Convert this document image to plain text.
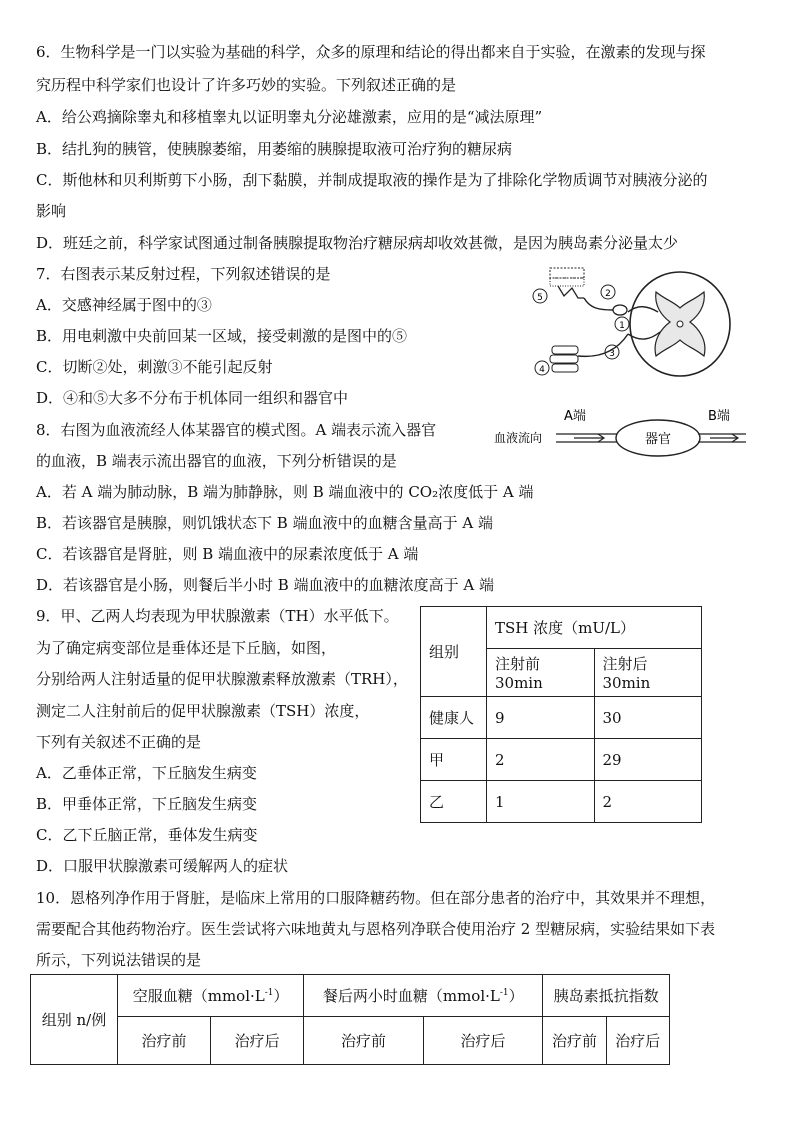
6．生物科学是一门以实验为基础的科学，众多的原理和结论的得出都来自于实验，在激素的发现与探
究历程中科学家们也设计了许多巧妙的实验。下列叙述正确的是
A．给公鸡摘除睾丸和移植睾丸以证明睾丸分泌雄激素，应用的是“减法原理”
B．结扎狗的胰管，使胰腺萎缩，用萎缩的胰腺提取液可治疗狗的糖尿病
C．斯他林和贝利斯剪下小肠，刮下黏膜，并制成提取液的操作是为了排除化学物质调节对胰液分泌的
影响
D．班廷之前，科学家试图通过制备胰腺提取物治疗糖尿病却收效甚微，是因为胰岛素分泌量太少
7．右图表示某反射过程，下列叙述错误的是
A．交感神经属于图中的③
B．用电刺激中央前回某一区域，接受刺激的是图中的⑤
C．切断②处，刺激③不能引起反射
D．④和⑤大多不分布于机体同一组织和器官中
5	2
1
3
4
8．右图为血液流经人体某器官的模式图。A 端表示流入器官
的血液，B 端表示流出器官的血液，下列分析错误的是
A．若 A 端为肺动脉，B 端为肺静脉，则 B 端血液中的 CO₂浓度低于 A 端
B．若该器官是胰腺，则饥饿状态下 B 端血液中的血糖含量高于 A 端
C．若该器官是肾脏，则 B 端血液中的尿素浓度低于 A 端
D．若该器官是小肠，则餐后半小时 B 端血液中的血糖浓度高于 A 端
A端	B端
血液流向	器官
9．甲、乙两人均表现为甲状腺激素（TH）水平低下。
为了确定病变部位是垂体还是下丘脑，如图，
分别给两人注射适量的促甲状腺激素释放激素（TRH），
测定二人注射前后的促甲状腺激素（TSH）浓度，
下列有关叙述不正确的是
A．乙垂体正常，下丘脑发生病变
B．甲垂体正常，下丘脑发生病变
C．乙下丘脑正常，垂体发生病变
D．口服甲状腺激素可缓解两人的症状
组别	TSH 浓度（mU/L）	
	注射前 30min	注射后 30min
健康人	9	30
甲	2	29
乙	1	2
10．恩格列净作用于肾脏，是临床上常用的口服降糖药物。但在部分患者的治疗中，其效果并不理想，
需要配合其他药物治疗。医生尝试将六味地黄丸与恩格列净联合使用治疗 2 型糖尿病，实验结果如下表
所示，下列说法错误的是
组别 n/例	空服血糖$(mmol\cdot L^{-1})$		餐后两小时血糖$(mmol\cdot L^{-1})$		胰岛素抵抗指数	
	治疗前	治疗后	治疗前	治疗后	治疗前	治疗后
